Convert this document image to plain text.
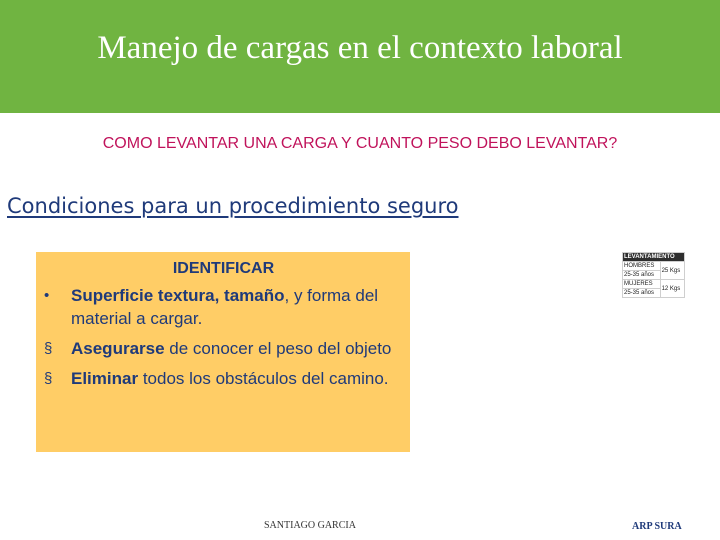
Manejo de cargas en el contexto laboral
COMO LEVANTAR UNA CARGA Y CUANTO PESO DEBO LEVANTAR?
Condiciones para un procedimiento seguro
IDENTIFICAR
•	Superficie textura, tamaño, y forma del material a cargar.
§	Asegurarse de conocer el peso del objeto
§	Eliminar todos los obstáculos del camino.
LEVANTAMIENTO	
HOMBRES	25 Kgs
25-35 años	
MUJERES	12 Kgs
25-35 años	
SANTIAGO GARCIA	ARP SURA
